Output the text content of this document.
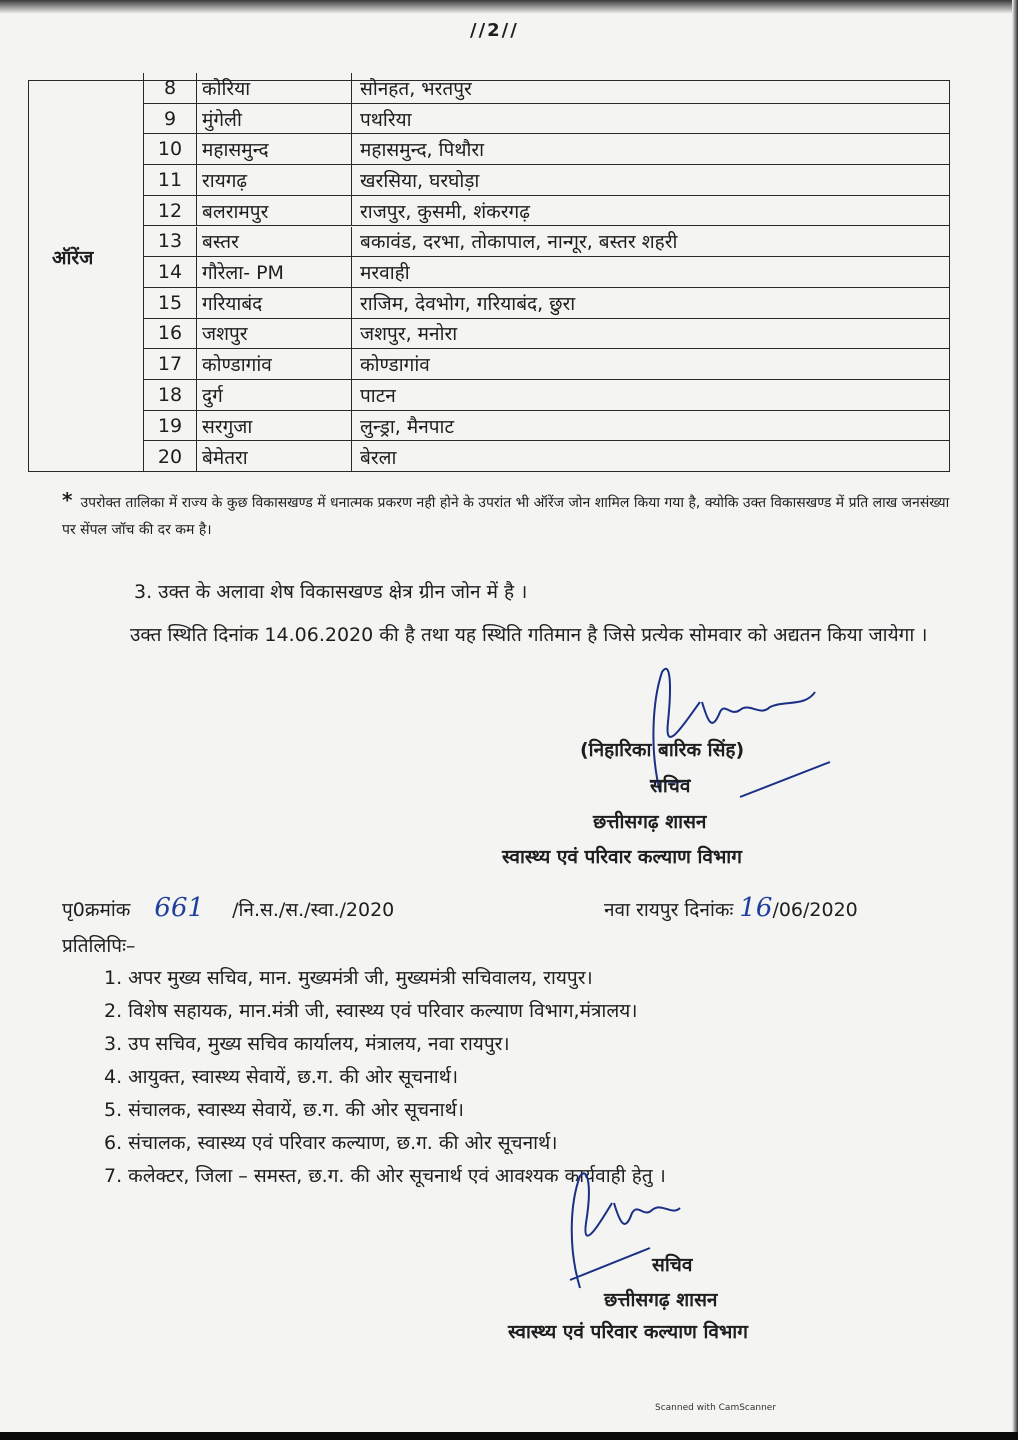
//2//
ऑरेंज
8	कोरिया	सोनहत, भरतपुर
9	मुंगेली	पथरिया
10	महासमुन्द	महासमुन्द, पिथौरा
11	रायगढ़	खरसिया, घरघोड़ा
12	बलरामपुर	राजपुर, कुसमी, शंकरगढ़
13	बस्तर	बकावंड, दरभा, तोकापाल, नान्गूर, बस्तर शहरी
14	गौरेला- PM	मरवाही
15	गरियाबंद	राजिम, देवभोग, गरियाबंद, छुरा
16	जशपुर	जशपुर, मनोरा
17	कोण्डागांव	कोण्डागांव
18	दुर्ग	पाटन
19	सरगुजा	लुन्ड्रा, मैनपाट
20	बेमेतरा	बेरला
* उपरोक्त तालिका में राज्य के कुछ विकासखण्ड में धनात्मक प्रकरण नही होने के उपरांत भी ऑरेंज जोन शामिल किया गया है, क्योकि उक्त विकासखण्ड में प्रति लाख जनसंख्या पर सेंपल जॉच की दर कम है।
3. उक्त के अलावा शेष विकासखण्ड क्षेत्र ग्रीन जोन में है ।
उक्त स्थिति दिनांक 14.06.2020 की है तथा यह स्थिति गतिमान है जिसे प्रत्येक सोमवार को अद्यतन किया जायेगा ।
(निहारिका बारिक सिंह)
सचिव
छत्तीसगढ़ शासन
स्वास्थ्य एवं परिवार कल्याण विभाग
पृ0क्रमांक 661 /नि.स./स./स्वा./2020	नवा रायपुर दिनांकः 16/06/2020
प्रतिलिपिः–
1. अपर मुख्य सचिव, मान. मुख्यमंत्री जी, मुख्यमंत्री सचिवालय, रायपुर।
2. विशेष सहायक, मान.मंत्री जी, स्वास्थ्य एवं परिवार कल्याण विभाग,मंत्रालय।
3. उप सचिव, मुख्य सचिव कार्यालय, मंत्रालय, नवा रायपुर।
4. आयुक्त, स्वास्थ्य सेवायें, छ.ग. की ओर सूचनार्थ।
5. संचालक, स्वास्थ्य सेवायें, छ.ग. की ओर सूचनार्थ।
6. संचालक, स्वास्थ्य एवं परिवार कल्याण, छ.ग. की ओर सूचनार्थ।
7. कलेक्टर, जिला – समस्त, छ.ग. की ओर सूचनार्थ एवं आवश्यक कार्यवाही हेतु ।
सचिव
छत्तीसगढ़ शासन
स्वास्थ्य एवं परिवार कल्याण विभाग
Scanned with CamScanner
